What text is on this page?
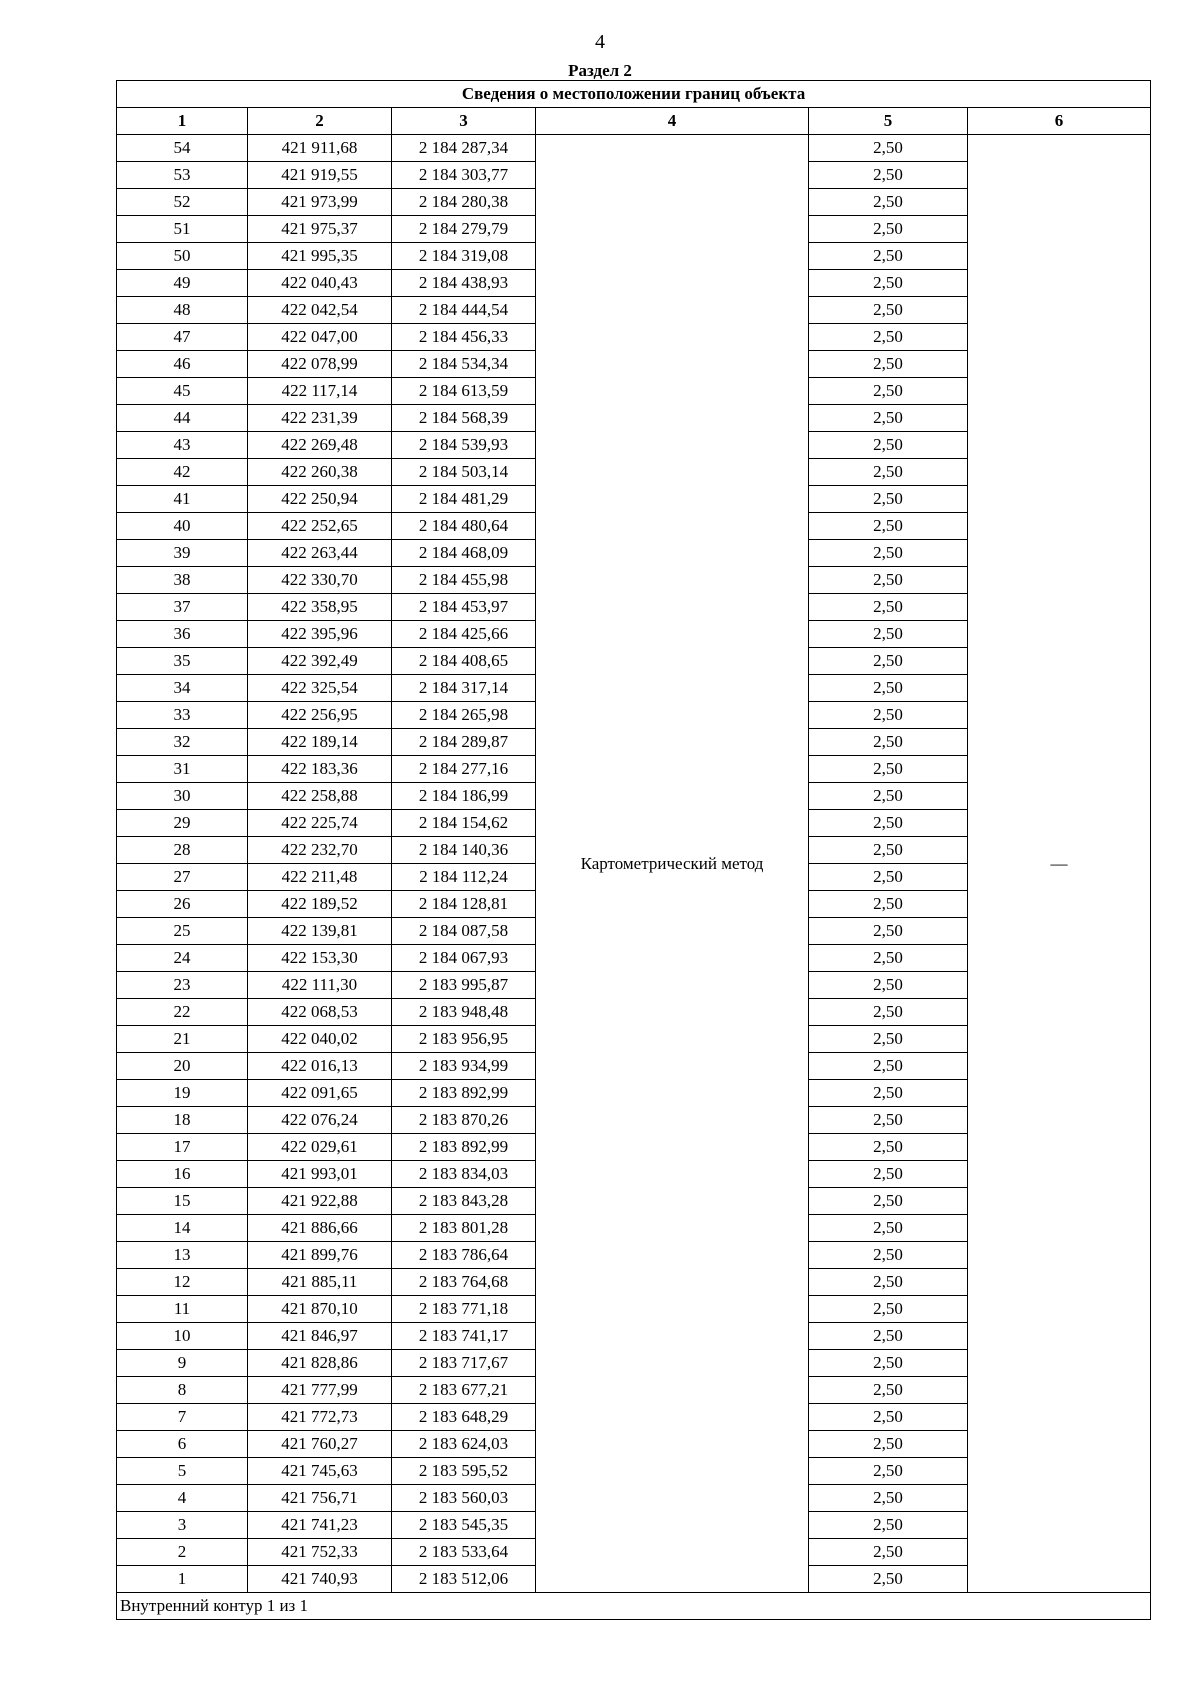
4
Раздел 2
Сведения о местоположении границ объекта					
1	2	3	4	5	6
54	421 911,68	2 184 287,34	Картометрический метод	2,50	—
53	421 919,55	2 184 303,77		2,50	
52	421 973,99	2 184 280,38		2,50	
51	421 975,37	2 184 279,79		2,50	
50	421 995,35	2 184 319,08		2,50	
49	422 040,43	2 184 438,93		2,50	
48	422 042,54	2 184 444,54		2,50	
47	422 047,00	2 184 456,33		2,50	
46	422 078,99	2 184 534,34		2,50	
45	422 117,14	2 184 613,59		2,50	
44	422 231,39	2 184 568,39		2,50	
43	422 269,48	2 184 539,93		2,50	
42	422 260,38	2 184 503,14		2,50	
41	422 250,94	2 184 481,29		2,50	
40	422 252,65	2 184 480,64		2,50	
39	422 263,44	2 184 468,09		2,50	
38	422 330,70	2 184 455,98		2,50	
37	422 358,95	2 184 453,97		2,50	
36	422 395,96	2 184 425,66		2,50	
35	422 392,49	2 184 408,65		2,50	
34	422 325,54	2 184 317,14		2,50	
33	422 256,95	2 184 265,98		2,50	
32	422 189,14	2 184 289,87		2,50	
31	422 183,36	2 184 277,16		2,50	
30	422 258,88	2 184 186,99		2,50	
29	422 225,74	2 184 154,62		2,50	
28	422 232,70	2 184 140,36		2,50	
27	422 211,48	2 184 112,24		2,50	
26	422 189,52	2 184 128,81		2,50	
25	422 139,81	2 184 087,58		2,50	
24	422 153,30	2 184 067,93		2,50	
23	422 111,30	2 183 995,87		2,50	
22	422 068,53	2 183 948,48		2,50	
21	422 040,02	2 183 956,95		2,50	
20	422 016,13	2 183 934,99		2,50	
19	422 091,65	2 183 892,99		2,50	
18	422 076,24	2 183 870,26		2,50	
17	422 029,61	2 183 892,99		2,50	
16	421 993,01	2 183 834,03		2,50	
15	421 922,88	2 183 843,28		2,50	
14	421 886,66	2 183 801,28		2,50	
13	421 899,76	2 183 786,64		2,50	
12	421 885,11	2 183 764,68		2,50	
11	421 870,10	2 183 771,18		2,50	
10	421 846,97	2 183 741,17		2,50	
9	421 828,86	2 183 717,67		2,50	
8	421 777,99	2 183 677,21		2,50	
7	421 772,73	2 183 648,29		2,50	
6	421 760,27	2 183 624,03		2,50	
5	421 745,63	2 183 595,52		2,50	
4	421 756,71	2 183 560,03		2,50	
3	421 741,23	2 183 545,35		2,50	
2	421 752,33	2 183 533,64		2,50	
1	421 740,93	2 183 512,06		2,50	
Внутренний контур 1 из 1					
